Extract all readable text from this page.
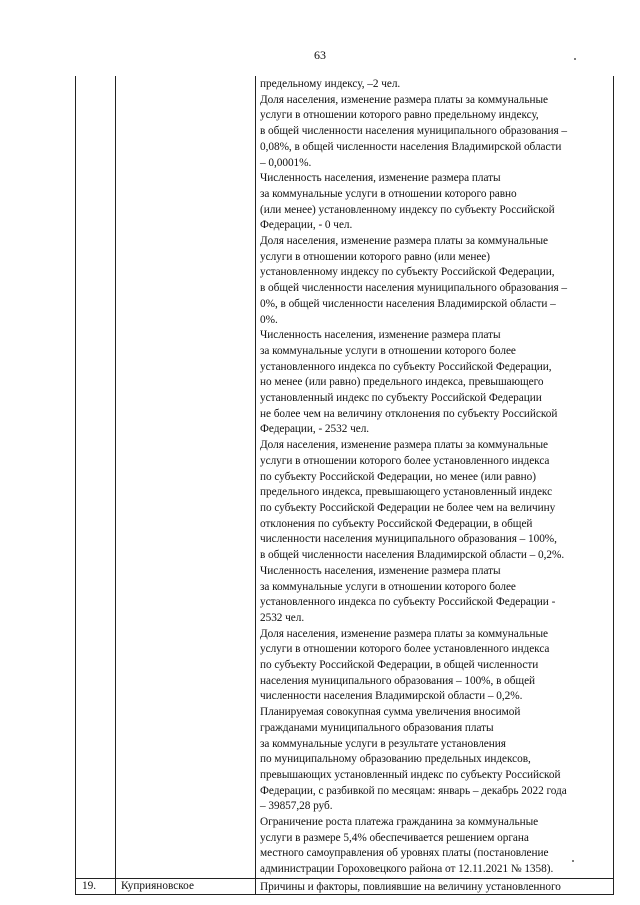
63
предельному индексу, –2 чел.
Доля населения, изменение размера платы за коммунальные
услуги в отношении которого равно предельному индексу,
в общей численности населения муниципального образования –
0,08%, в общей численности населения Владимирской области
– 0,0001%.
Численность населения, изменение размера платы
за коммунальные услуги в отношении которого равно
(или менее) установленному индексу по субъекту Российской
Федерации, - 0 чел.
Доля населения, изменение размера платы за коммунальные
услуги в отношении которого равно (или менее)
установленному индексу по субъекту Российской Федерации,
в общей численности населения муниципального образования –
0%, в общей численности населения Владимирской области –
0%.
Численность населения, изменение размера платы
за коммунальные услуги в отношении которого более
установленного индекса по субъекту Российской Федерации,
но менее (или равно) предельного индекса, превышающего
установленный индекс по субъекту Российской Федерации
не более чем на величину отклонения по субъекту Российской
Федерации, - 2532 чел.
Доля населения, изменение размера платы за коммунальные
услуги в отношении которого более установленного индекса
по субъекту Российской Федерации, но менее (или равно)
предельного индекса, превышающего установленный индекс
по субъекту Российской Федерации не более чем на величину
отклонения по субъекту Российской Федерации, в общей
численности населения муниципального образования – 100%,
в общей численности населения Владимирской области – 0,2%.
Численность населения, изменение размера платы
за коммунальные услуги в отношении которого более
установленного индекса по субъекту Российской Федерации -
2532 чел.
Доля населения, изменение размера платы за коммунальные
услуги в отношении которого более установленного индекса
по субъекту Российской Федерации, в общей численности
населения муниципального образования – 100%, в общей
численности населения Владимирской области – 0,2%.
Планируемая совокупная сумма увеличения вносимой
гражданами муниципального образования платы
за коммунальные услуги в результате установления
по муниципальному образованию предельных индексов,
превышающих установленный индекс по субъекту Российской
Федерации, с разбивкой по месяцам: январь – декабрь 2022 года
– 39857,28 руб.
Ограничение роста платежа гражданина за коммунальные
услуги в размере 5,4% обеспечивается решением органа
местного самоуправления об уровнях платы (постановление
администрации Гороховецкого района от 12.11.2021 № 1358).
19.	Куприяновское	Причины и факторы, повлиявшие на величину установленного
